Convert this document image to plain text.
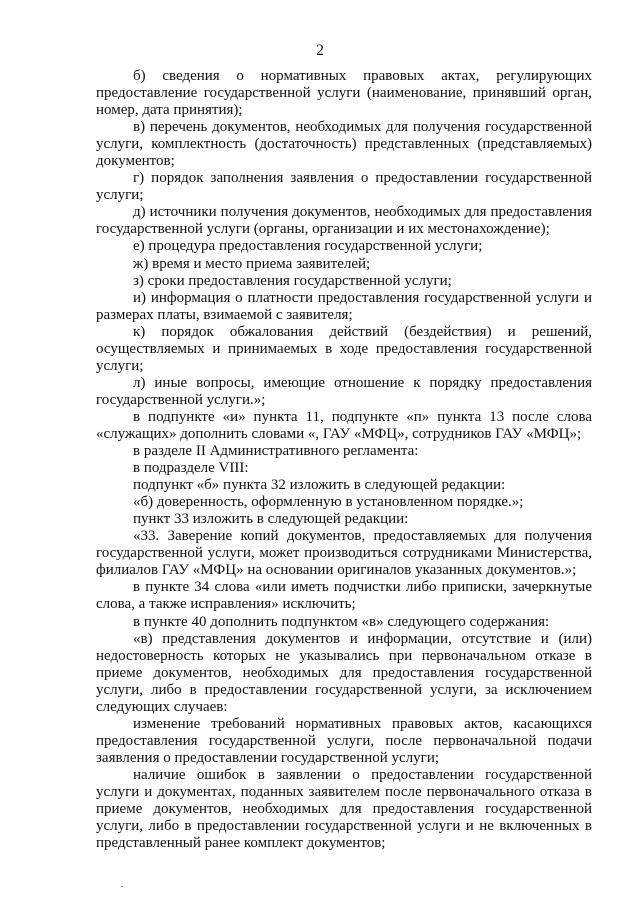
2

б) сведения о нормативных правовых актах, регулирующих предоставление государственной услуги (наименование, принявший орган, номер, дата принятия);

в) перечень документов, необходимых для получения государственной услуги, комплектность (достаточность) представленных (представляемых) документов;

г) порядок заполнения заявления о предоставлении государственной услуги;

д) источники получения документов, необходимых для предоставления государственной услуги (органы, организации и их местонахождение);

е) процедура предоставления государственной услуги;

ж) время и место приема заявителей;

з) сроки предоставления государственной услуги;

и) информация о платности предоставления государственной услуги и размерах платы, взимаемой с заявителя;

к) порядок обжалования действий (бездействия) и решений, осуществляемых и принимаемых в ходе предоставления государственной услуги;

л) иные вопросы, имеющие отношение к порядку предоставления государственной услуги.»;

в подпункте «и» пункта 11, подпункте «п» пункта 13 после слова «служащих» дополнить словами «, ГАУ «МФЦ», сотрудников ГАУ «МФЦ»;

в разделе II Административного регламента:

в подразделе VIII:

подпункт «б» пункта 32 изложить в следующей редакции:

«б) доверенность, оформленную в установленном порядке.»;

пункт 33 изложить в следующей редакции:

«33. Заверение копий документов, предоставляемых для получения государственной услуги, может производиться сотрудниками Министерства, филиалов ГАУ «МФЦ» на основании оригиналов указанных документов.»;

в пункте 34 слова «или иметь подчистки либо приписки, зачеркнутые слова, а также исправления» исключить;

в пункте 40 дополнить подпунктом «в» следующего содержания:

«в) представления документов и информации, отсутствие и (или) недостоверность которых не указывались при первоначальном отказе в приеме документов, необходимых для предоставления государственной услуги, либо в предоставлении государственной услуги, за исключением следующих случаев:

изменение требований нормативных правовых актов, касающихся предоставления государственной услуги, после первоначальной подачи заявления о предоставлении государственной услуги;

наличие ошибок в заявлении о предоставлении государственной услуги и документах, поданных заявителем после первоначального отказа в приеме документов, необходимых для предоставления государственной услуги, либо в предоставлении государственной услуги и не включенных в представленный ранее комплект документов;
